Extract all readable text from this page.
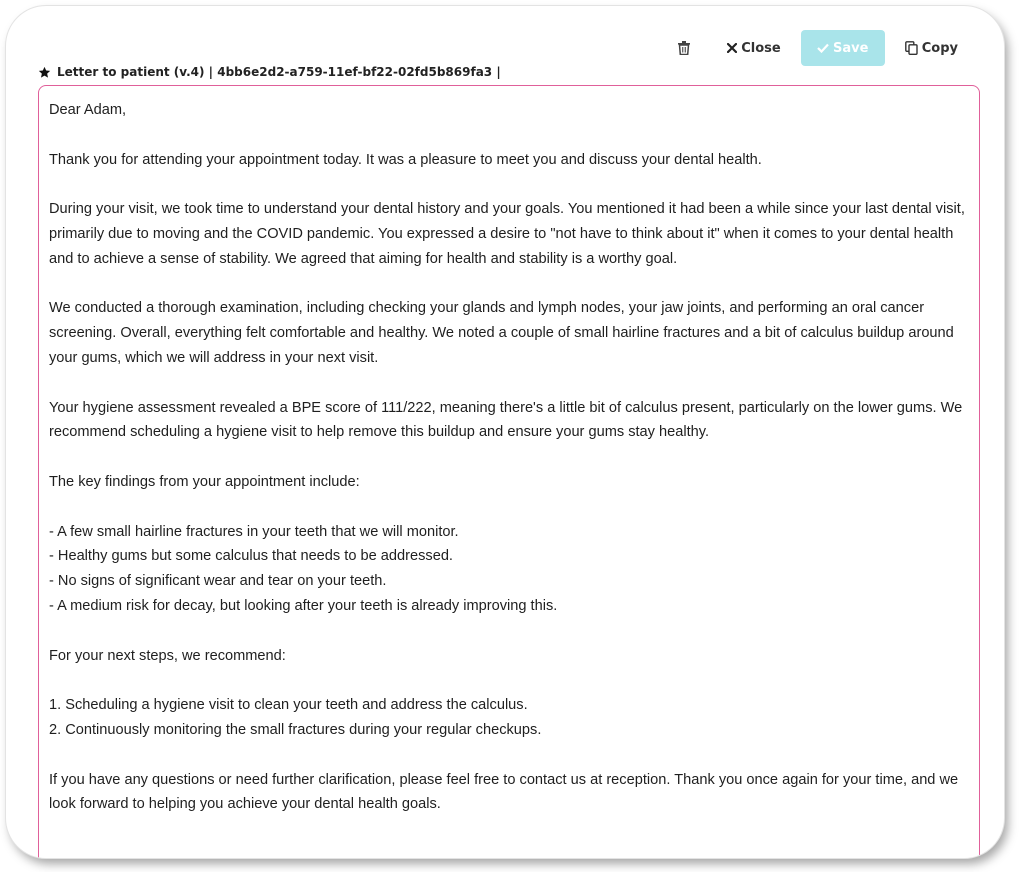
Close	Save	Copy
Letter to patient (v.4) | 4bb6e2d2-a759-11ef-bf22-02fd5b869fa3 |

Dear Adam,

Thank you for attending your appointment today. It was a pleasure to meet you and discuss your dental health.

During your visit, we took time to understand your dental history and your goals. You mentioned it had been a while since your last dental visit, primarily due to moving and the COVID pandemic. You expressed a desire to "not have to think about it" when it comes to your dental health and to achieve a sense of stability. We agreed that aiming for health and stability is a worthy goal.

We conducted a thorough examination, including checking your glands and lymph nodes, your jaw joints, and performing an oral cancer screening. Overall, everything felt comfortable and healthy. We noted a couple of small hairline fractures and a bit of calculus buildup around your gums, which we will address in your next visit.

Your hygiene assessment revealed a BPE score of 111/222, meaning there's a little bit of calculus present, particularly on the lower gums. We recommend scheduling a hygiene visit to help remove this buildup and ensure your gums stay healthy.

The key findings from your appointment include:

- A few small hairline fractures in your teeth that we will monitor.
- Healthy gums but some calculus that needs to be addressed.
- No signs of significant wear and tear on your teeth.
- A medium risk for decay, but looking after your teeth is already improving this.

For your next steps, we recommend:

1. Scheduling a hygiene visit to clean your teeth and address the calculus.
2. Continuously monitoring the small fractures during your regular checkups.

If you have any questions or need further clarification, please feel free to contact us at reception. Thank you once again for your time, and we look forward to helping you achieve your dental health goals.
